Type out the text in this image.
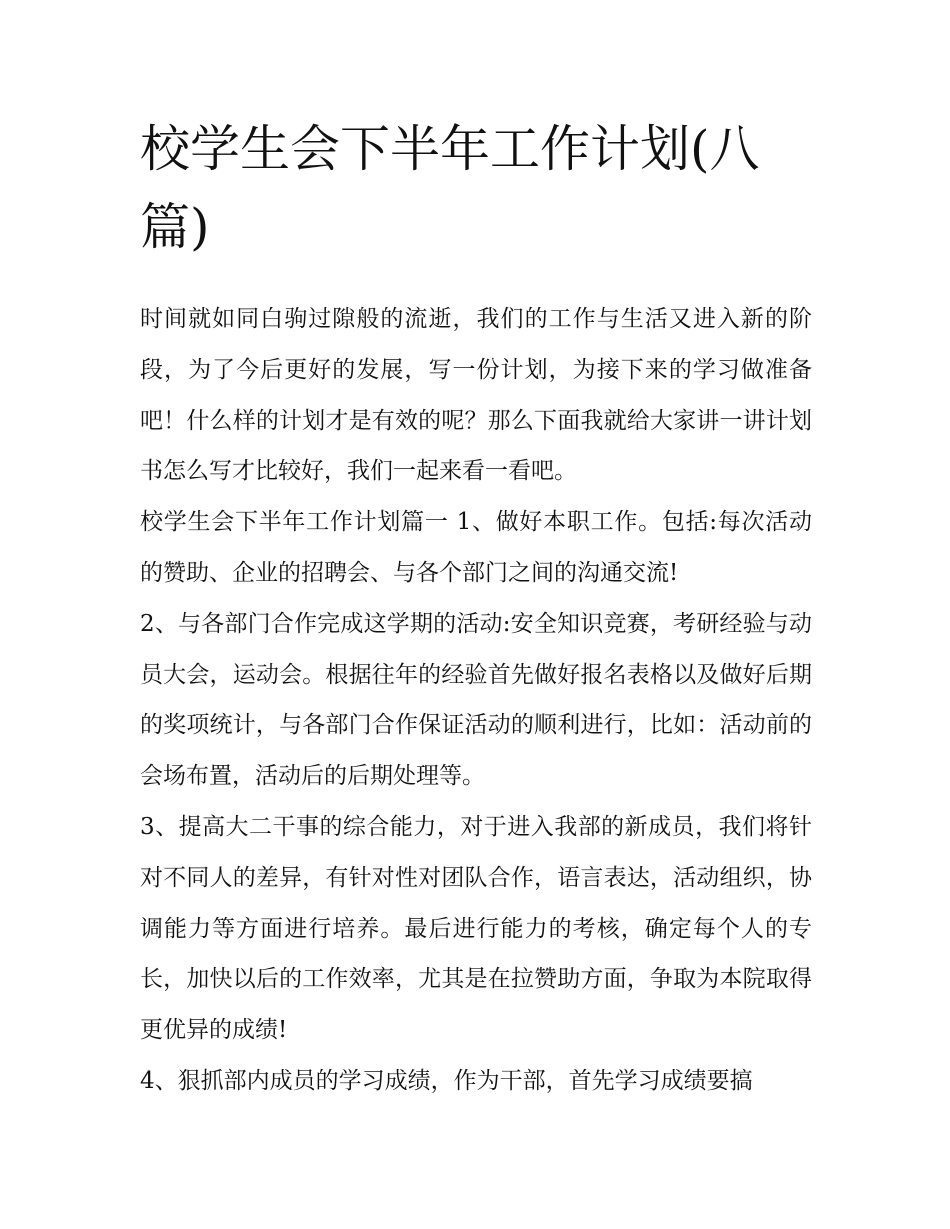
校学生会下半年工作计划(八篇)

时间就如同白驹过隙般的流逝，我们的工作与生活又进入新的阶段，为了今后更好的发展，写一份计划，为接下来的学习做准备吧！什么样的计划才是有效的呢？那么下面我就给大家讲一讲计划书怎么写才比较好，我们一起来看一看吧。

校学生会下半年工作计划篇一 1、做好本职工作。包括:每次活动的赞助、企业的招聘会、与各个部门之间的沟通交流!

2、与各部门合作完成这学期的活动:安全知识竞赛，考研经验与动员大会，运动会。根据往年的经验首先做好报名表格以及做好后期的奖项统计，与各部门合作保证活动的顺利进行，比如：活动前的会场布置，活动后的后期处理等。

3、提高大二干事的综合能力，对于进入我部的新成员，我们将针对不同人的差异，有针对性对团队合作，语言表达，活动组织，协调能力等方面进行培养。最后进行能力的考核，确定每个人的专长，加快以后的工作效率，尤其是在拉赞助方面，争取为本院取得更优异的成绩!

4、狠抓部内成员的学习成绩，作为干部，首先学习成绩要搞
